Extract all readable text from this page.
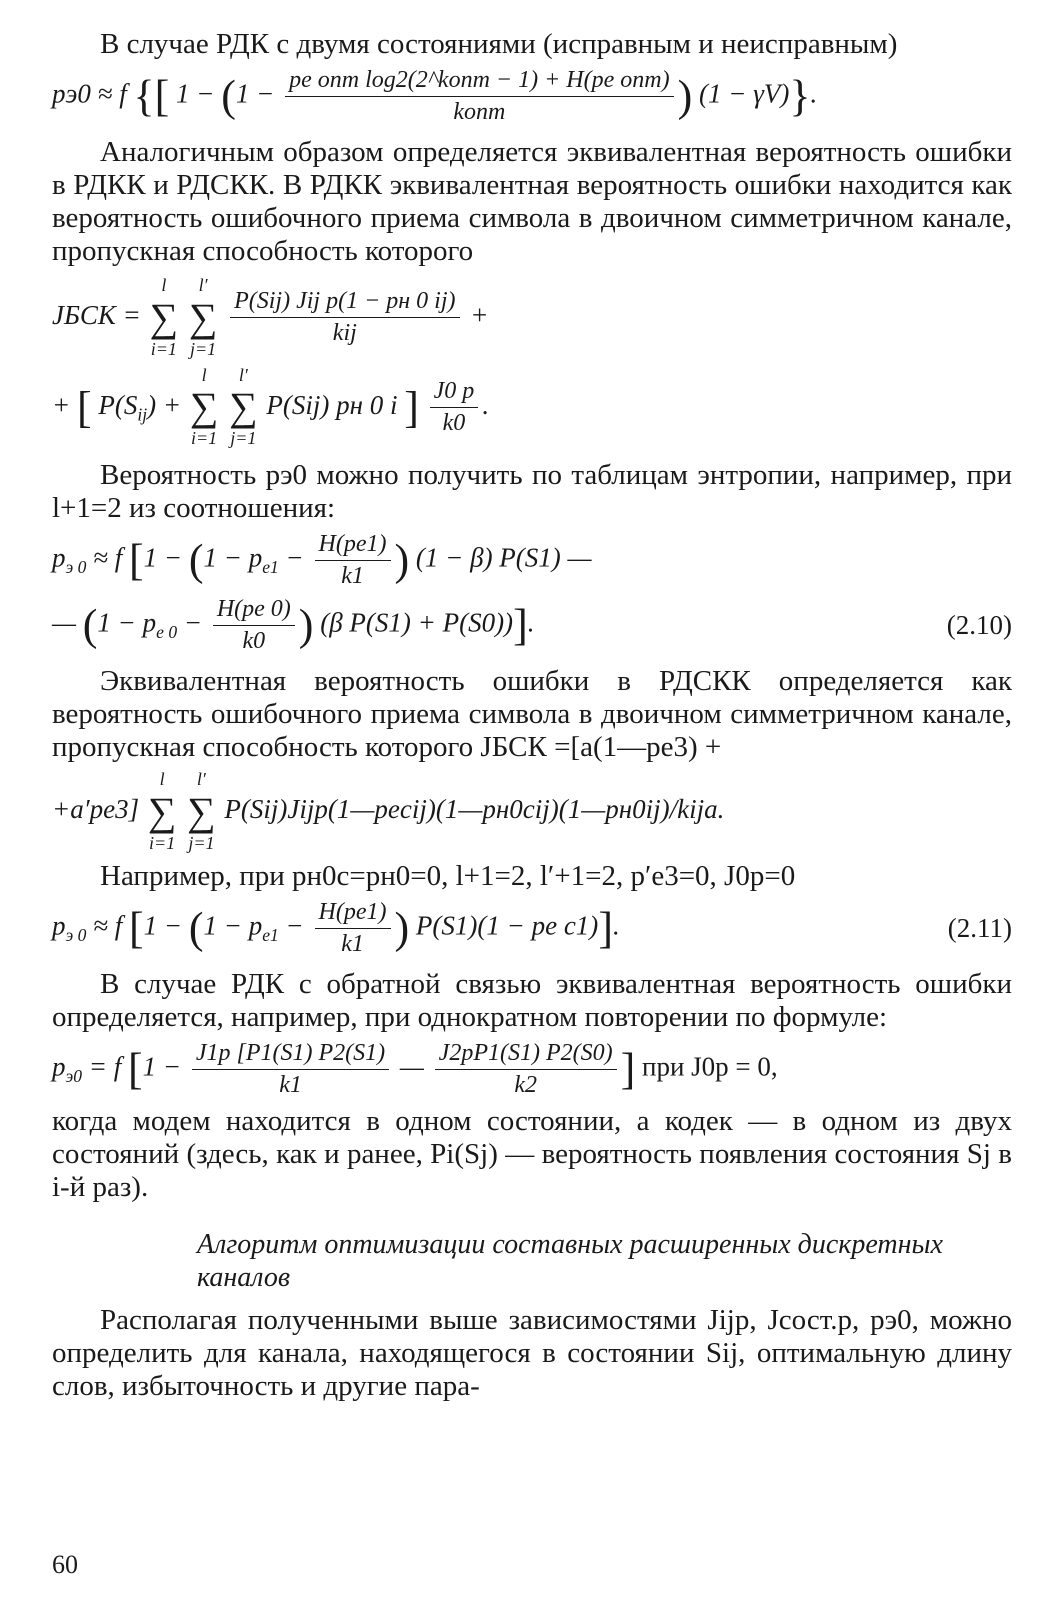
В случае РДК с двумя состояниями (исправным и неисправным)

pэ0 ≈ f {[ $1 - (1 - \frac{\text{pe опт log2(2\textasciicircum{}kопт − 1) + H(pe опт)}}{\text{kопт}}$ ) (1 − γV)}.

Аналогичным образом определяется эквивалентная вероятность ошибки в РДКК и РДСКК. В РДКК эквивалентная вероятность ошибки находится как вероятность ошибочного приема символа в двоичном симметричном канале, пропускная способность которого

JБСК = l
∑
i=1 l′
∑
j=1
$\frac{\text{P(Sij) Jij р(1 − pн 0 ij)}}{\text{kij}}$ +
+ [ $P(S_{ij}) + l$
∑
i=1 l′
∑
j=1 P(Sij) pн 0 i ] $\frac{J0 р}{k0}$ .

Вероятность pэ0 можно получить по таблицам энтропии, например, при l+1=2 из соотношения:

$p_{э 0} \approx f$ [$1 - (1 - p_{e1} - \frac{H(pe1)}{k1}$ ) (1 − β) P(S1) —
— ($1 - p_{e 0} - \frac{H(pe 0)}{k0}$ ) (β P(S1) + P(S0))].	(2.10)

Эквивалентная вероятность ошибки в РДСКК определяется как вероятность ошибочного приема символа в двоичном симметричном канале, пропускная способность которого JБСК =[a(1—pe3) +

+a′pe3] l
∑
i=1 l′
∑
j=1 P(Sij)Jijр(1—pecij)(1—pн0cij)(1—pн0ij)/kija.

Например, при pн0с=pн0=0, l+1=2, l′+1=2, p′e3=0, J0р=0

$p_{э 0} \approx f$ [$1 - (1 - p_{e1} - \frac{H(pe1)}{k1}$ ) P(S1)(1 − pe c1)].	(2.11)

В случае РДК с обратной связью эквивалентная вероятность ошибки определяется, например, при однократном повторении по формуле:

$p_{э0} = f$ [$1 - \frac{J1р [P1(S1) P2(S1)}{k1}$ — $\frac{J2рP1(S1) P2(S0)}{k2}$ ] при J0р = 0,

когда модем находится в одном состоянии, а кодек — в одном из двух состояний (здесь, как и ранее, Pi(Sj) — вероятность появления состояния Sj в i-й раз).

Алгоритм оптимизации составных расширенных дискретных каналов

Располагая полученными выше зависимостями Jijр, Jсост.р, pэ0, можно определить для канала, находящегося в состоянии Sij, оптимальную длину слов, избыточность и другие пара-

60
